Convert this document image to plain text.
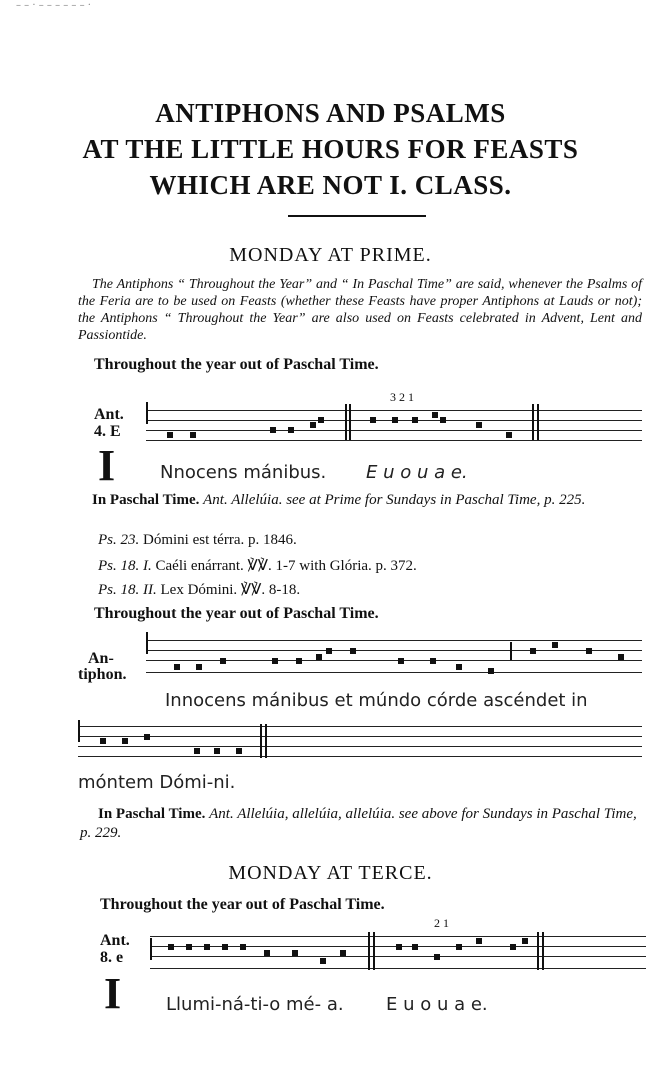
– – · – – – – – – ·
ANTIPHONS AND PSALMS
AT THE LITTLE HOURS FOR FEASTS
WHICH ARE NOT I. CLASS.
MONDAY AT PRIME.
The Antiphons “ Throughout the Year” and “ In Paschal Time” are said, whenever the Psalms of the Feria are to be used on Feasts (whether these Feasts have proper Antiphons at Lauds or not); the Antiphons “ Throughout the Year” are also used on Feasts celebrated in Advent, Lent and Passiontide.
Throughout the year out of Paschal Time.
3 2 1
Ant.
4. E
I Nnocens mánibus. E u o u a e.
In Paschal Time. Ant. Allelúia. see at Prime for Sundays in Paschal Time, p. 225.
Ps. 23. Dómini est térra. p. 1846.
Ps. 18. I. Caéli enárrant. ℣℣. 1-7 with Glória. p. 372.
Ps. 18. II. Lex Dómini. ℣℣. 8-18.
Throughout the year out of Paschal Time.
An-
tiphon.
Innocens mánibus et múndo córde ascéndet in
móntem Dómi-ni.
In Paschal Time. Ant. Allelúia, allelúia, allelúia. see above for Sundays in Paschal Time, p. 229.
MONDAY AT TERCE.
Throughout the year out of Paschal Time.
2 1
Ant.
8. e
I Llumi-ná-ti-o mé- a. E u o u a e.
